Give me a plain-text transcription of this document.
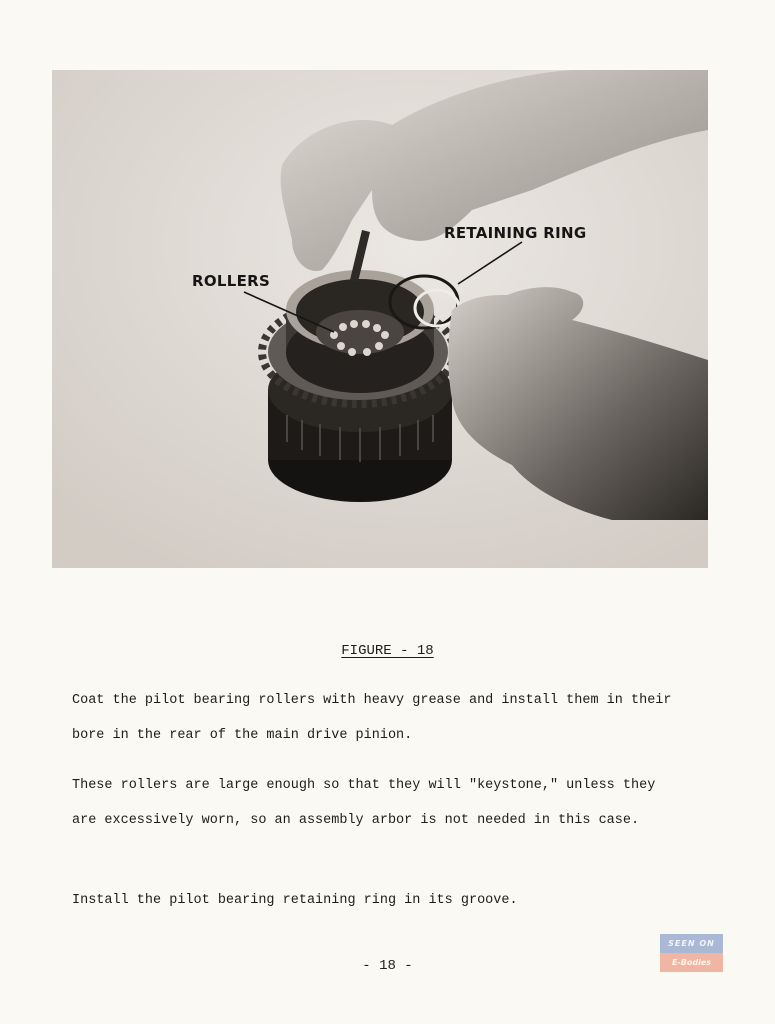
RETAINING RING
ROLLERS
FIGURE - 18

Coat the pilot bearing rollers with heavy grease and install them in their bore in the rear of the main drive pinion.

These rollers are large enough so that they will "keystone," unless they are excessively worn, so an assembly arbor is not needed in this case.

Install the pilot bearing retaining ring in its groove.

- 18 -
SEEN ON
E-Bodies
